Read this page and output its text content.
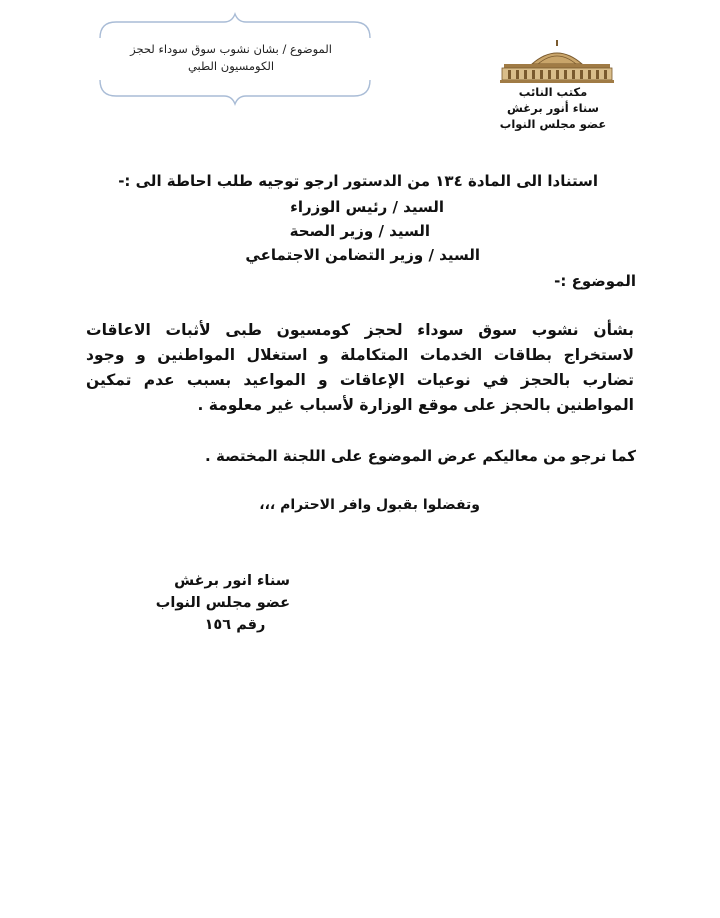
الموضوع / بشان نشوب سوق سوداء لحجز الكومسيون الطبي
مكتب النائب
سناء أنور برغش
عضو مجلس النواب
استنادا الى المادة ١٣٤ من الدستور ارجو توجيه طلب احاطة الى :-
السيد / رئيس الوزراء
السيد / وزير الصحة
السيد / وزير التضامن الاجتماعي
الموضوع :-
بشأن نشوب سوق سوداء لحجز كومسيون طبى لأثبات الاعاقات لاستخراج بطاقات الخدمات المتكاملة و استغلال المواطنين و وجود تضارب بالحجز في نوعيات الإعاقات و المواعيد بسبب عدم تمكين المواطنين بالحجز على موقع الوزارة لأسباب غير معلومة .
كما نرجو من معاليكم عرض الموضوع على اللجنة المختصة .
وتفضلوا بقبول وافر الاحترام ،،،
سناء انور برغش
عضو مجلس النواب
رقم ١٥٦
